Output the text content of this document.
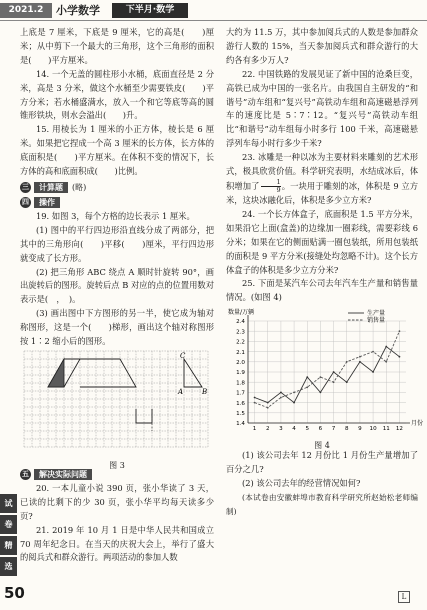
2021.2	小学数学	下半月·数学

上底是 7 厘米，下底是 9 厘米，它的高是(　　)厘米；从中剪下一个最大的三角形，这个三角形的面积是(　　)平方厘米。

14. 一个无盖的圆柱形小水桶，底面直径是 2 分米，高是 3 分米，做这个水桶至少需要铁皮(　　)平方分米；若水桶盛满水，放入一个和它等底等高的圆锥形铁块，则水会溢出(　　)升。

15. 用棱长为 1 厘米的小正方体，棱长是 6 厘米。如果把它捏成一个高 3 厘米的长方体，长方体的底面积是(　　)平方厘米。在体积不变的情况下，长方体的高和底面积成(　　)比例。

三	计算题	(略)
四	操作

19. 如图 3，每个方格的边长表示 1 厘米。

(1) 图中的平行四边形沿直线分成了两部分，把其中的三角形向(　　)平移(　　)厘米，平行四边形就变成了长方形。

(2) 把三角形 ABC 绕点 A 顺时针旋转 90°，画出旋转后的图形。旋转后点 B 对应的点的位置用数对表示是(　，　)。

(3) 画出图中下方图形的另一半，使它成为轴对称图形，这是一个(　　)梯形，画出这个轴对称图形按 1∶2 缩小后的图形。

C
A	B
图 3
五	解决实际问题

20. 一本儿童小说 390 页，张小华读了 3 天，已读的比剩下的少 30 页，张小华平均每天读多少页?

21. 2019 年 10 月 1 日是中华人民共和国成立 70 周年纪念日。在当天的庆祝大会上，举行了盛大的阅兵式和群众游行。两项活动的参加人数

大约为 11.5 万，其中参加阅兵式的人数是参加群众游行人数的 15%，当天参加阅兵式和群众游行的大约各有多少万人?

22. 中国铁路的发展见证了新中国的沧桑巨变，高铁已成为中国的一张名片。由我国自主研发的“和谐号”动车组和“复兴号”高铁动车组和高速磁悬浮列车的速度比是 5∶7∶12。“复兴号”高铁动车组比“和谐号”动车组每小时多行 100 千米，高速磁悬浮列车每小时行多少千米?

23. 冰雕是一种以冰为主要材料来雕刻的艺术形式，极具欣赏价值。科学研究表明，水结成冰后，体积增加了 $\frac{1}{9}$ 。一块用于雕刻的冰，体积是 9 立方米，这块冰融化后，体积是多少立方米?

24. 一个长方体盒子，底面积是 1.5 平方分米，如果沿它上面(盒盖)的边缘加一圈彩线，需要彩线 6 分米；如果在它的侧面贴满一圈包装纸，所用包装纸的面积是 9 平方分米(接缝处均忽略不计)。这个长方体盒子的体积是多少立方分米?

25. 下面是某汽车公司去年汽车生产量和销售量情况。(如图 4)

1.4
1.5
1.6
1.7
1.8
1.9
2.0
2.1
2.2
2.3
2.4
1 2 3 4 5 6 7 8 9 10 11 12
数量/万辆
月份
生产量
销售量
图 4

(1) 该公司去年 12 月份比 1 月份生产量增加了百分之几?

(2) 该公司去年的经营情况如何?

(本试卷由安徽蚌埠市教育科学研究所赵始松老师编制)

试
卷
精
选
50	L
